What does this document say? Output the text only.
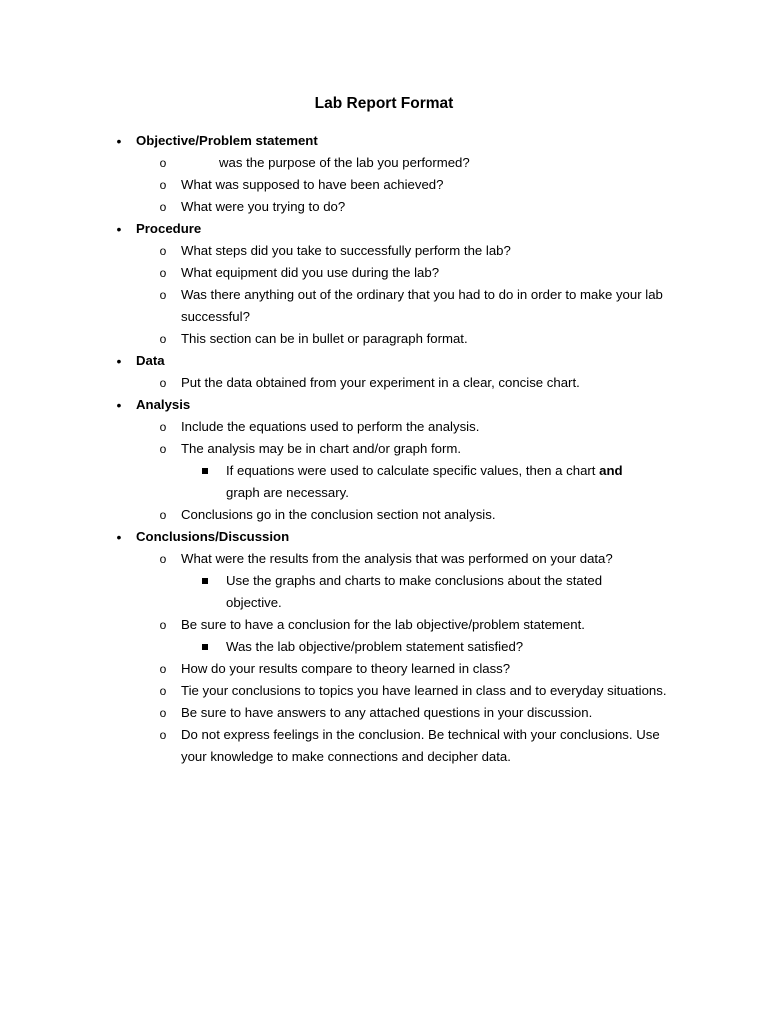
Lab Report Format
•	Objective/Problem statement
o	was the purpose of the lab you performed?
o What was supposed to have been achieved?
o What were you trying to do?
•	Procedure
o What steps did you take to successfully perform the lab?
o What equipment did you use during the lab?
o Was there anything out of the ordinary that you had to do in order to make your lab successful?
o This section can be in bullet or paragraph format.
•	Data
o Put the data obtained from your experiment in a clear, concise chart.
•	Analysis
o Include the equations used to perform the analysis.
o The analysis may be in chart and/or graph form.
If equations were used to calculate specific values, then a chart and graph are necessary.
o Conclusions go in the conclusion section not analysis.
•	Conclusions/Discussion
o What were the results from the analysis that was performed on your data?
Use the graphs and charts to make conclusions about the stated objective.
o Be sure to have a conclusion for the lab objective/problem statement.
Was the lab objective/problem statement satisfied?
o How do your results compare to theory learned in class?
o Tie your conclusions to topics you have learned in class and to everyday situations.
o Be sure to have answers to any attached questions in your discussion.
o Do not express feelings in the conclusion. Be technical with your conclusions. Use your knowledge to make connections and decipher data.
